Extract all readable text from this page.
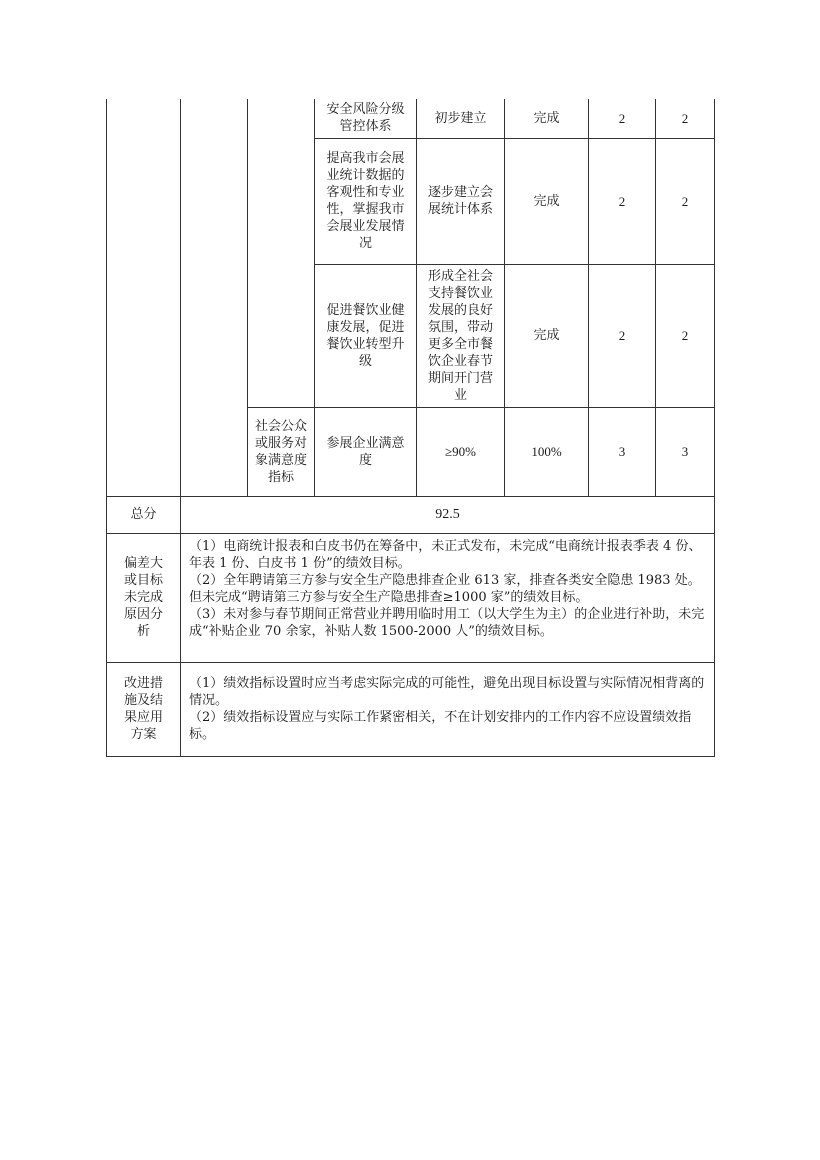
			安全风险分级管控体系	初步建立	完成	2	2

			提高我市会展业统计数据的客观性和专业性，掌握我市会展业发展情况	逐步建立会展统计体系	完成	2	2

			促进餐饮业健康发展，促进餐饮业转型升级	形成全社会支持餐饮业发展的良好氛围，带动更多全市餐饮企业春节期间开门营业	完成	2	2

		社会公众或服务对象满意度指标	参展企业满意度	≥90%	100%	3	3
总分	92.5						

偏差大或目标未完成原因分析	（1）电商统计报表和白皮书仍在筹备中，未正式发布，未完成“电商统计报表季表 4 份、年表 1 份、白皮书 1 份”的绩效目标。

（2）全年聘请第三方参与安全生产隐患排查企业 613 家，排查各类安全隐患 1983 处。但未完成“聘请第三方参与安全生产隐患排查≥1000 家”的绩效目标。

（3）未对参与春节期间正常营业并聘用临时用工（以大学生为主）的企业进行补助，未完成“补贴企业 70 余家，补贴人数 1500-2000 人”的绩效目标。						

改进措施及结果应用方案	（1）绩效指标设置时应当考虑实际完成的可能性，避免出现目标设置与实际情况相背离的情况。

（2）绩效指标设置应与实际工作紧密相关，不在计划安排内的工作内容不应设置绩效指标。						
